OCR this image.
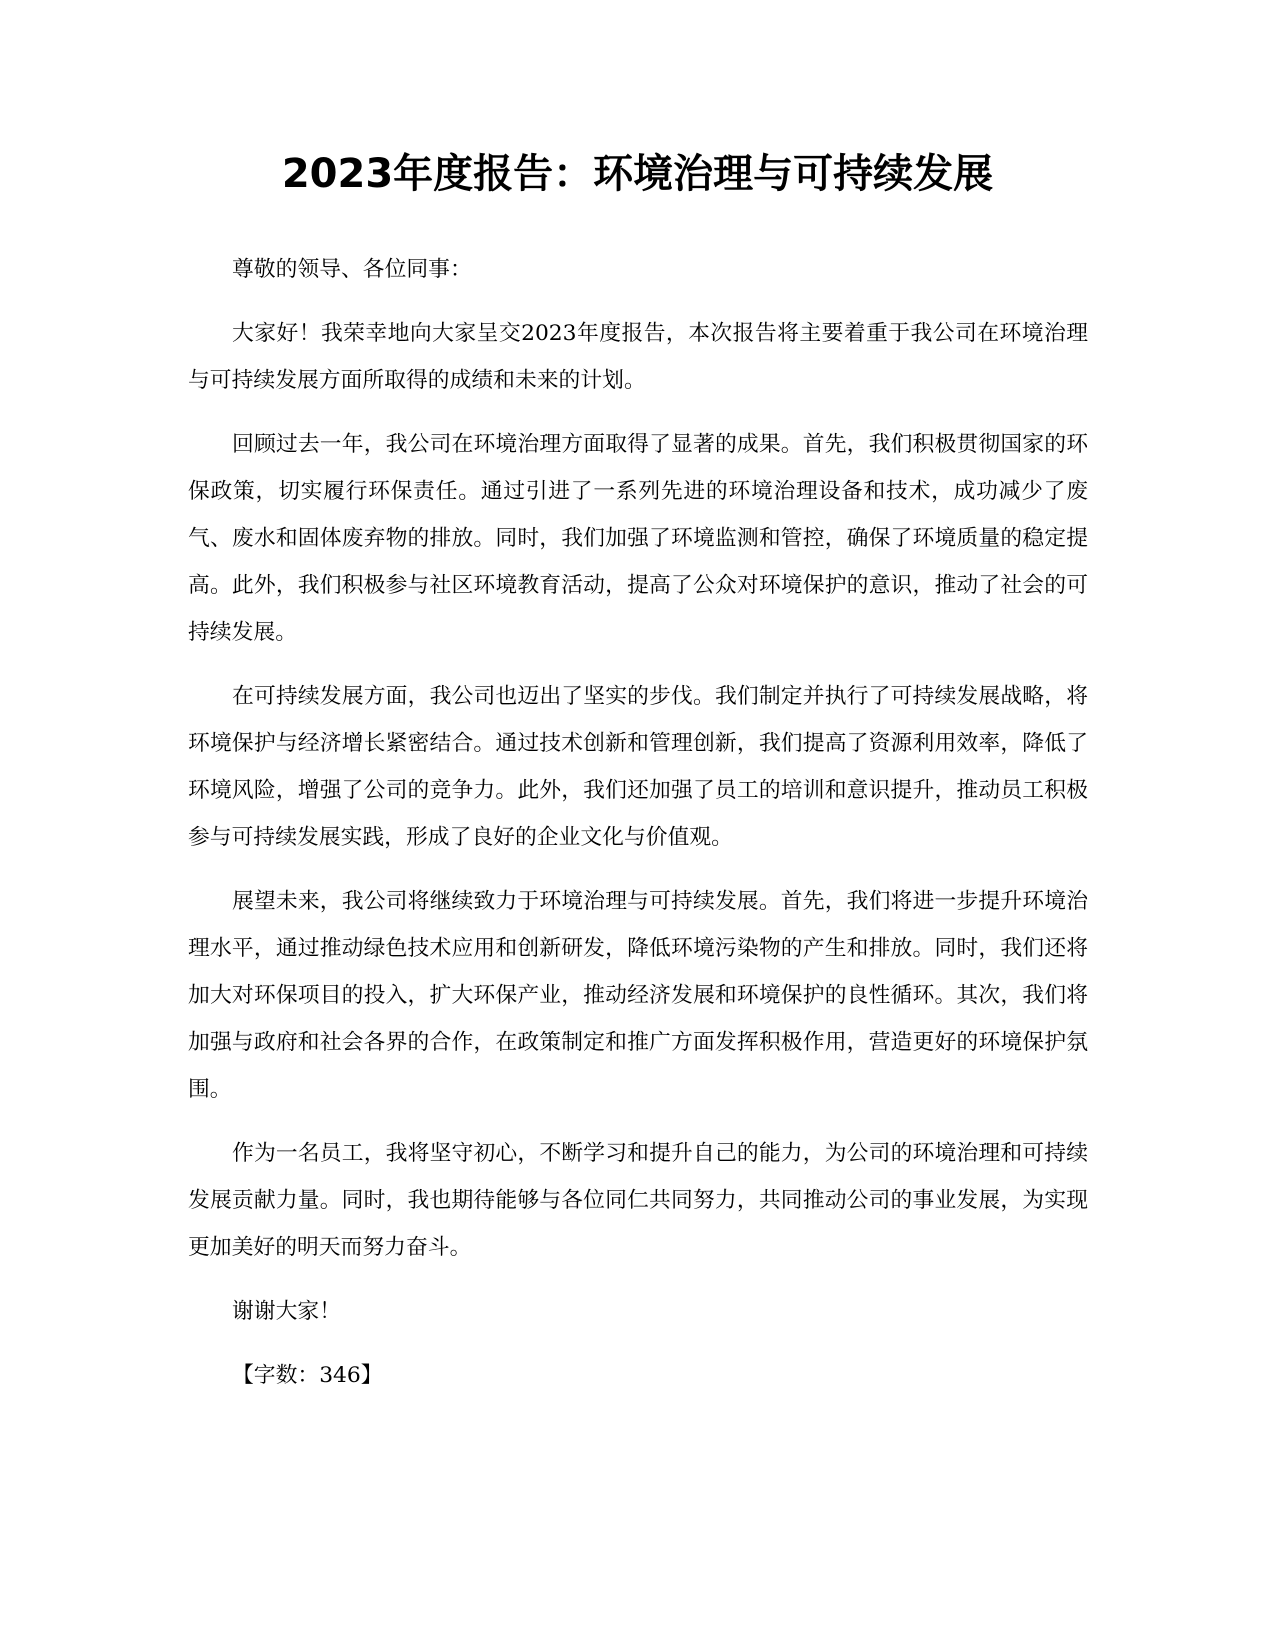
2023年度报告：环境治理与可持续发展

尊敬的领导、各位同事：

大家好！我荣幸地向大家呈交2023年度报告，本次报告将主要着重于我公司在环境治理与可持续发展方面所取得的成绩和未来的计划。

回顾过去一年，我公司在环境治理方面取得了显著的成果。首先，我们积极贯彻国家的环保政策，切实履行环保责任。通过引进了一系列先进的环境治理设备和技术，成功减少了废气、废水和固体废弃物的排放。同时，我们加强了环境监测和管控，确保了环境质量的稳定提高。此外，我们积极参与社区环境教育活动，提高了公众对环境保护的意识，推动了社会的可持续发展。

在可持续发展方面，我公司也迈出了坚实的步伐。我们制定并执行了可持续发展战略，将环境保护与经济增长紧密结合。通过技术创新和管理创新，我们提高了资源利用效率，降低了环境风险，增强了公司的竞争力。此外，我们还加强了员工的培训和意识提升，推动员工积极参与可持续发展实践，形成了良好的企业文化与价值观。

展望未来，我公司将继续致力于环境治理与可持续发展。首先，我们将进一步提升环境治理水平，通过推动绿色技术应用和创新研发，降低环境污染物的产生和排放。同时，我们还将加大对环保项目的投入，扩大环保产业，推动经济发展和环境保护的良性循环。其次，我们将加强与政府和社会各界的合作，在政策制定和推广方面发挥积极作用，营造更好的环境保护氛围。

作为一名员工，我将坚守初心，不断学习和提升自己的能力，为公司的环境治理和可持续发展贡献力量。同时，我也期待能够与各位同仁共同努力，共同推动公司的事业发展，为实现更加美好的明天而努力奋斗。

谢谢大家！

【字数：346】
